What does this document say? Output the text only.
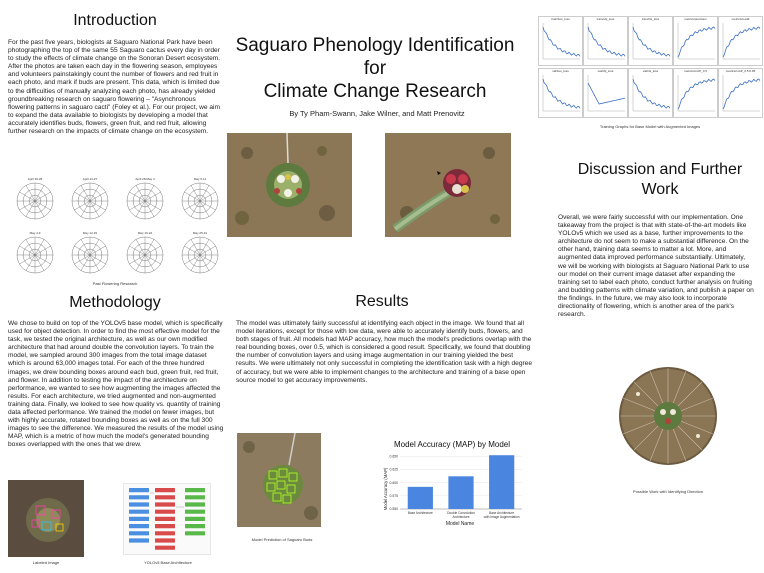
Saguaro Phenology Identification
for
Climate Change Research
By Ty Pham-Swann, Jake Wilner, and Matt Prenovitz
Introduction
For the past five years, biologists at Saguaro National Park have been photographing the top of the same 55 Saguaro cactus every day in order to study the effects of climate change on the Sonoran Desert ecosystem. After the photos are taken each day in the flowering season, employees and volunteers painstakingly count the number of flowers and red fruit in each photo, and mark if buds are present. This data, which is limited due to the difficulties of manually analyzing each photo, has already yielded groundbreaking research on saguaro flowering – "Asynchronous flowering patterns in saguaro cacti" (Foley et al.). For our project, we aim to expand the data available to biologists by developing a model that accurately identifies buds, flowers, green fruit, and red fruit, allowing further research on the impacts of climate change on the ecosystem.
April 30-05	April 21-27	April 28-May 4	May 5-11
May 4-9	May 12-15	May 16-24	May 25-31
Past Flowering Research
Methodology
We chose to build on top of the YOLOv5 base model, which is specifically used for object detection. In order to find the most effective model for the task, we tested the original architecture, as well as our own modified architecture that had around double the convolution layers. To train the model, we sampled around 300 images from the total image dataset which is around 63,000 images total. For each of the three hundred images, we drew bounding boxes around each bud, green fruit, red fruit, and flower. In addition to testing the impact of the architecture on performance, we wanted to see how augmenting the images affected the results. For each architecture, we tried augmented and non-augmented training data. Finally, we looked to see how quality vs. quantity of training data affected performance. We trained the model on fewer images, but with highly accurate, rotated bounding boxes as well as on the full 300 images to see the difference. We measured the results of the model using MAP, which is a metric of how much the model's generated bounding boxes overlapped with the ones that we drew.
Labeled Image	YOLOv5 Base Architecture
Results
The model was ultimately fairly successful at identifying each object in the image. We found that all model iterations, except for those with low data, were able to accurately identify buds, flowers, and both stages of fruit. All models had MAP accuracy, how much the model's predictions overlap with the real bounding boxes, over 0.5, which is considered a good result. Specifically, we found that doubling the number of convolution layers and using image augmentation in our training yielded the best results. We were ultimately not only successful in completing the identification task with a high degree of accuracy, but we were able to implement changes to the architecture and training of a base open source model to get accuracy improvements.
Model Prediction of Saguaro Buds
Model Accuracy (MAP) by Model
Model Accuracy (MAP)
Model Name
0.550
0.575
0.600
0.625
0.650
Base Architecture	Double Convolution Architecture
Base Architecture with Image Augmentation
train/box_loss	train/obj_loss	train/cls_loss	metrics/precision	metrics/recall
val/box_loss	val/obj_loss	val/cls_loss	metrics/mAP_0.5	metrics/mAP_0.5:0.95
Training Graphs for Base Model with Augmented Images
Discussion and Further
Work
Overall, we were fairly successful with our implementation. One takeaway from the project is that with state-of-the-art models like YOLOv5 which we used as a base, further improvements to the architecture do not seem to make a substantial difference. On the other hand, training data seems to matter a lot. More, and augmented data improved performance substantially. Ultimately, we will be working with biologists at Saguaro National Park to use our model on their current image dataset after expanding the training set to label each photo, conduct further analysis on fruiting and budding patterns with climate variation, and publish a paper on the findings. In the future, we may also look to incorporate directionality of flowering, which is another area of the park's research.
Possible Work with Identifying Direction
